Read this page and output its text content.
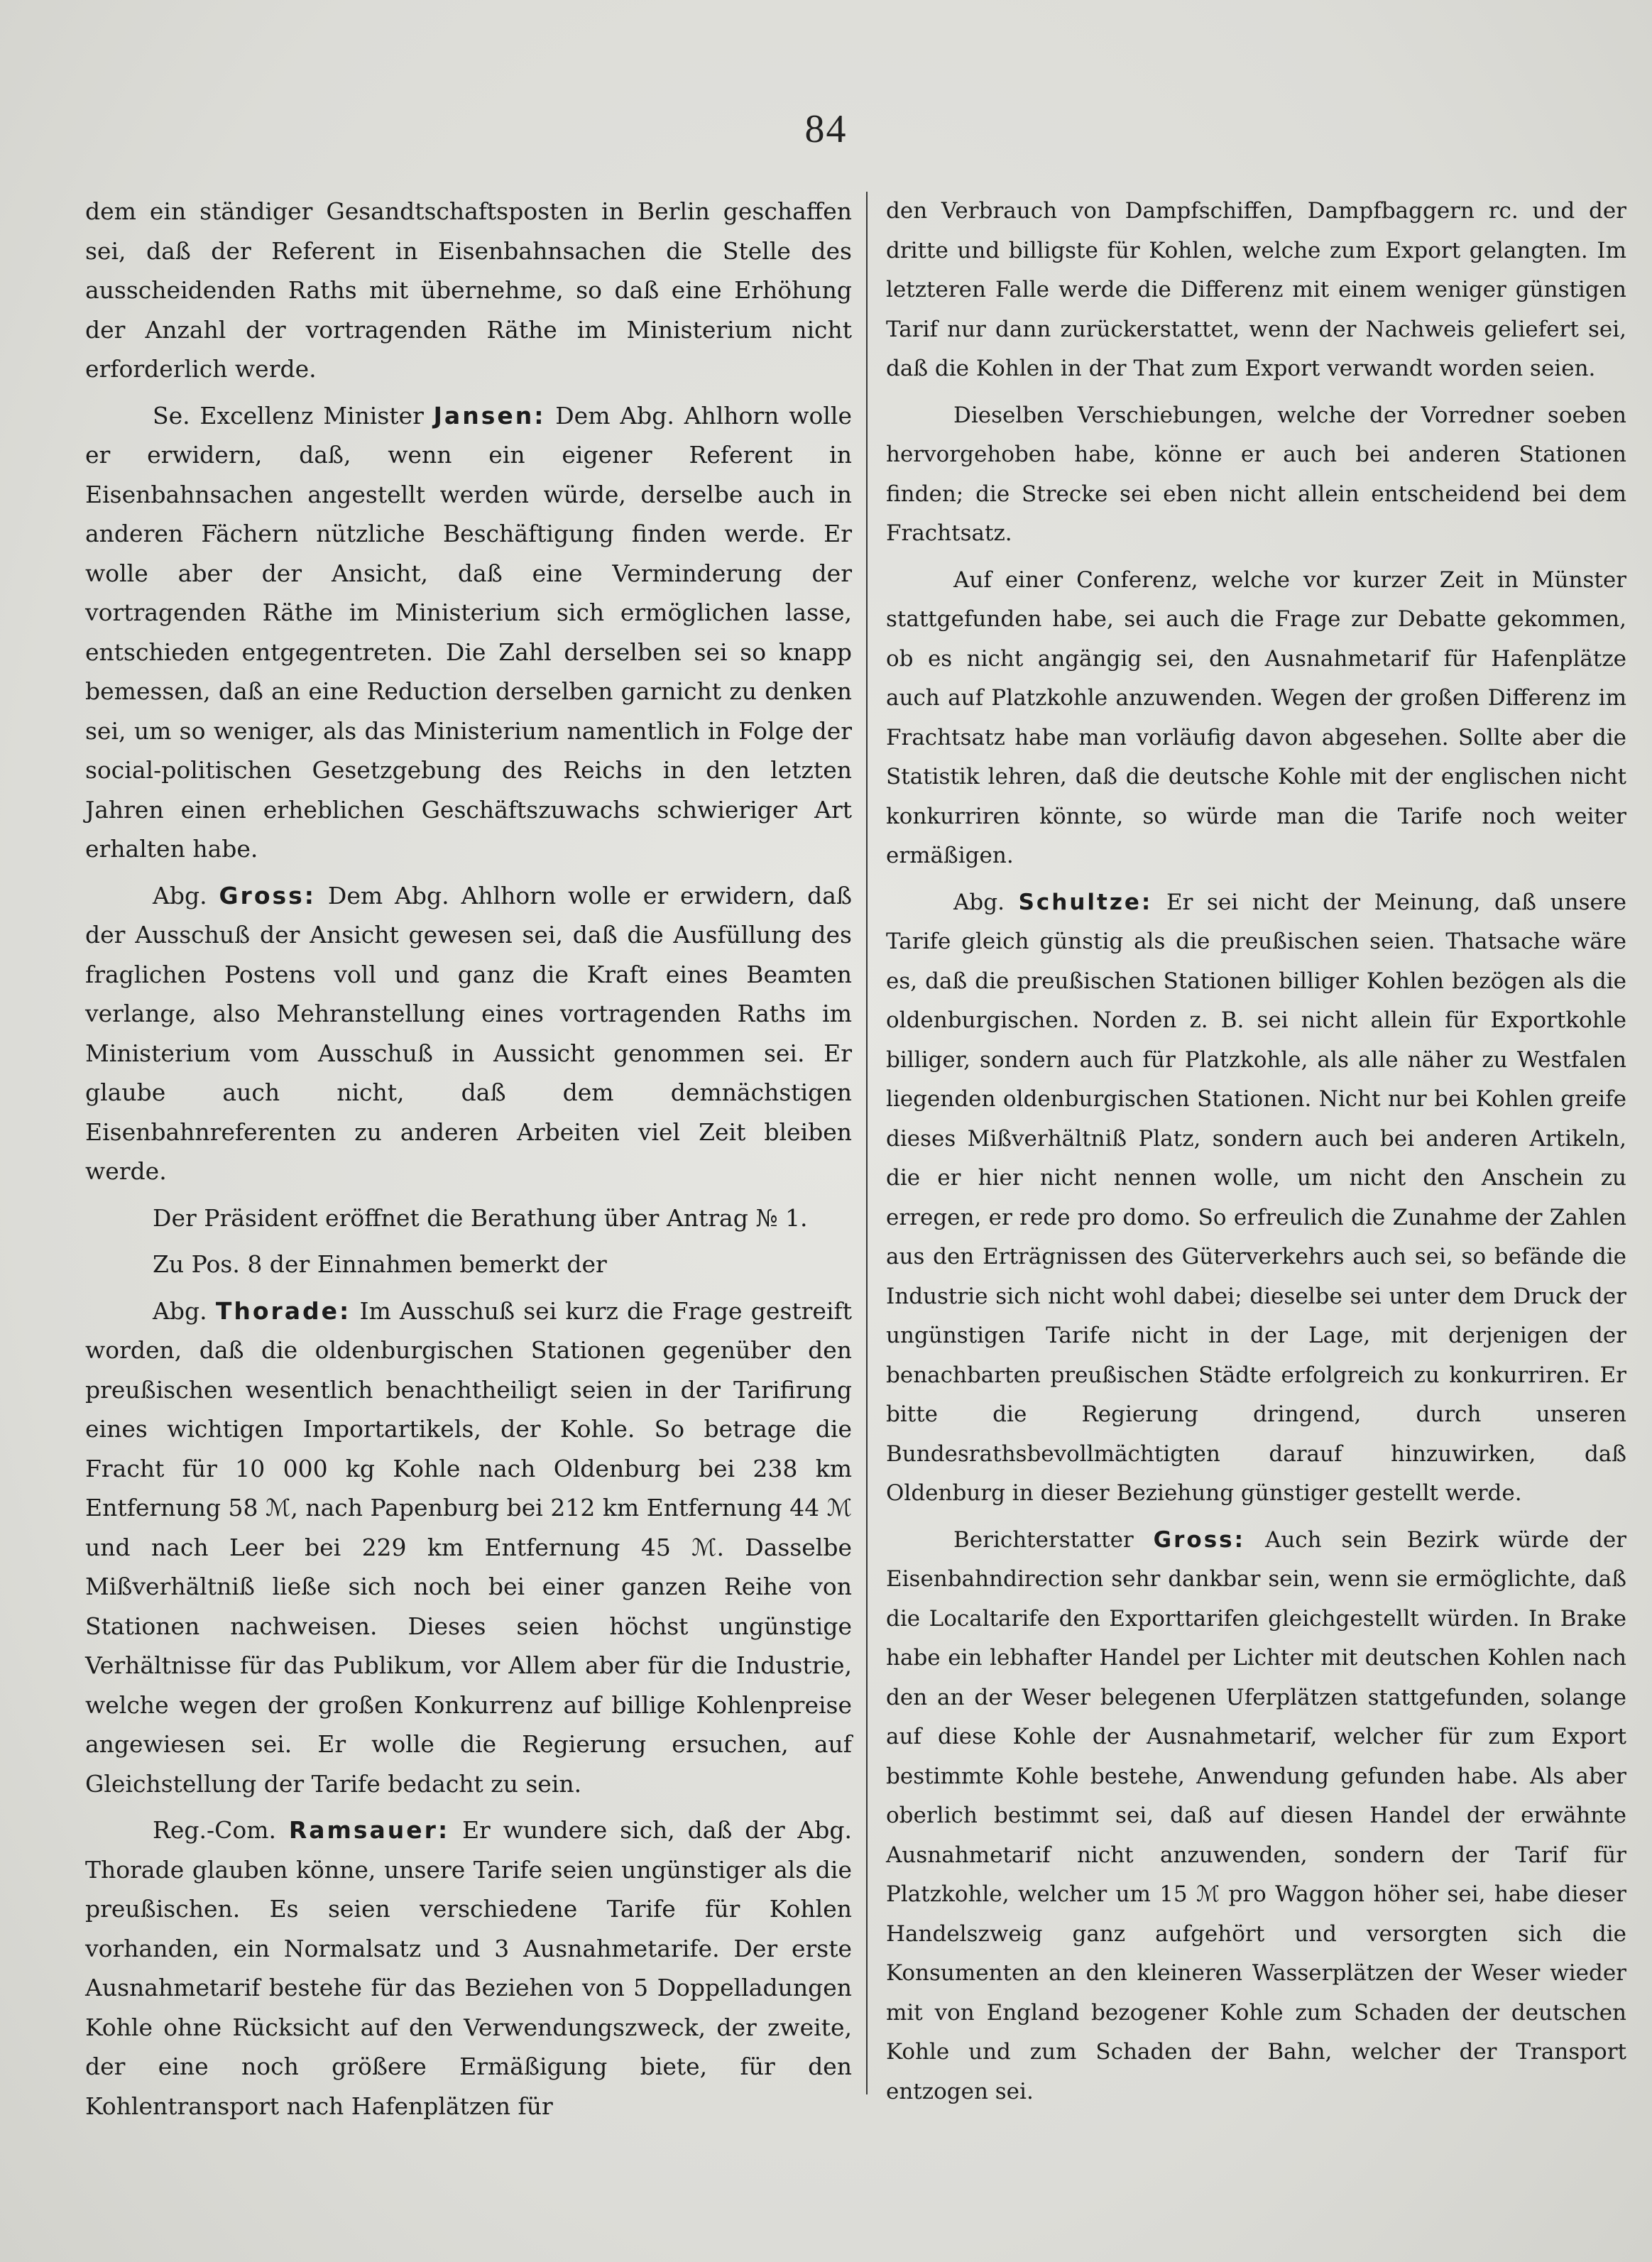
84

dem ein ständiger Gesandtschaftsposten in Berlin geschaffen sei, daß der Referent in Eisenbahnsachen die Stelle des ausscheidenden Raths mit übernehme, so daß eine Erhöhung der Anzahl der vortragenden Räthe im Ministerium nicht erforderlich werde.

Se. Excellenz Minister Jansen: Dem Abg. Ahlhorn wolle er erwidern, daß, wenn ein eigener Referent in Eisenbahnsachen angestellt werden würde, derselbe auch in anderen Fächern nützliche Beschäftigung finden werde. Er wolle aber der Ansicht, daß eine Verminderung der vortragenden Räthe im Ministerium sich ermöglichen lasse, entschieden entgegentreten. Die Zahl derselben sei so knapp bemessen, daß an eine Reduction derselben garnicht zu denken sei, um so weniger, als das Ministerium namentlich in Folge der social-politischen Gesetzgebung des Reichs in den letzten Jahren einen erheblichen Geschäftszuwachs schwieriger Art erhalten habe.

Abg. Gross: Dem Abg. Ahlhorn wolle er erwidern, daß der Ausschuß der Ansicht gewesen sei, daß die Ausfüllung des fraglichen Postens voll und ganz die Kraft eines Beamten verlange, also Mehranstellung eines vortragenden Raths im Ministerium vom Ausschuß in Aussicht genommen sei. Er glaube auch nicht, daß dem demnächstigen Eisenbahnreferenten zu anderen Arbeiten viel Zeit bleiben werde.

Der Präsident eröffnet die Berathung über Antrag № 1.

Zu Pos. 8 der Einnahmen bemerkt der

Abg. Thorade: Im Ausschuß sei kurz die Frage gestreift worden, daß die oldenburgischen Stationen gegenüber den preußischen wesentlich benachtheiligt seien in der Tarifirung eines wichtigen Importartikels, der Kohle. So betrage die Fracht für 10 000 kg Kohle nach Oldenburg bei 238 km Entfernung 58 ℳ, nach Papenburg bei 212 km Entfernung 44 ℳ und nach Leer bei 229 km Entfernung 45 ℳ. Dasselbe Mißverhältniß ließe sich noch bei einer ganzen Reihe von Stationen nachweisen. Dieses seien höchst ungünstige Verhältnisse für das Publikum, vor Allem aber für die Industrie, welche wegen der großen Konkurrenz auf billige Kohlenpreise angewiesen sei. Er wolle die Regierung ersuchen, auf Gleichstellung der Tarife bedacht zu sein.

Reg.-Com. Ramsauer: Er wundere sich, daß der Abg. Thorade glauben könne, unsere Tarife seien ungünstiger als die preußischen. Es seien verschiedene Tarife für Kohlen vorhanden, ein Normalsatz und 3 Ausnahmetarife. Der erste Ausnahmetarif bestehe für das Beziehen von 5 Doppelladungen Kohle ohne Rücksicht auf den Verwendungszweck, der zweite, der eine noch größere Ermäßigung biete, für den Kohlentransport nach Hafenplätzen für

den Verbrauch von Dampfschiffen, Dampfbaggern rc. und der dritte und billigste für Kohlen, welche zum Export gelangten. Im letzteren Falle werde die Differenz mit einem weniger günstigen Tarif nur dann zurückerstattet, wenn der Nachweis geliefert sei, daß die Kohlen in der That zum Export verwandt worden seien.

Dieselben Verschiebungen, welche der Vorredner soeben hervorgehoben habe, könne er auch bei anderen Stationen finden; die Strecke sei eben nicht allein entscheidend bei dem Frachtsatz.

Auf einer Conferenz, welche vor kurzer Zeit in Münster stattgefunden habe, sei auch die Frage zur Debatte gekommen, ob es nicht angängig sei, den Ausnahmetarif für Hafenplätze auch auf Platzkohle anzuwenden. Wegen der großen Differenz im Frachtsatz habe man vorläufig davon abgesehen. Sollte aber die Statistik lehren, daß die deutsche Kohle mit der englischen nicht konkurriren könnte, so würde man die Tarife noch weiter ermäßigen.

Abg. Schultze: Er sei nicht der Meinung, daß unsere Tarife gleich günstig als die preußischen seien. Thatsache wäre es, daß die preußischen Stationen billiger Kohlen bezögen als die oldenburgischen. Norden z. B. sei nicht allein für Exportkohle billiger, sondern auch für Platzkohle, als alle näher zu Westfalen liegenden oldenburgischen Stationen. Nicht nur bei Kohlen greife dieses Mißverhältniß Platz, sondern auch bei anderen Artikeln, die er hier nicht nennen wolle, um nicht den Anschein zu erregen, er rede pro domo. So erfreulich die Zunahme der Zahlen aus den Erträgnissen des Güterverkehrs auch sei, so befände die Industrie sich nicht wohl dabei; dieselbe sei unter dem Druck der ungünstigen Tarife nicht in der Lage, mit derjenigen der benachbarten preußischen Städte erfolgreich zu konkurriren. Er bitte die Regierung dringend, durch unseren Bundesrathsbevollmächtigten darauf hinzuwirken, daß Oldenburg in dieser Beziehung günstiger gestellt werde.

Berichterstatter Gross: Auch sein Bezirk würde der Eisenbahndirection sehr dankbar sein, wenn sie ermöglichte, daß die Localtarife den Exporttarifen gleichgestellt würden. In Brake habe ein lebhafter Handel per Lichter mit deutschen Kohlen nach den an der Weser belegenen Uferplätzen stattgefunden, solange auf diese Kohle der Ausnahmetarif, welcher für zum Export bestimmte Kohle bestehe, Anwendung gefunden habe. Als aber oberlich bestimmt sei, daß auf diesen Handel der erwähnte Ausnahmetarif nicht anzuwenden, sondern der Tarif für Platzkohle, welcher um 15 ℳ pro Waggon höher sei, habe dieser Handelszweig ganz aufgehört und versorgten sich die Konsumenten an den kleineren Wasserplätzen der Weser wieder mit von England bezogener Kohle zum Schaden der deutschen Kohle und zum Schaden der Bahn, welcher der Transport entzogen sei.
